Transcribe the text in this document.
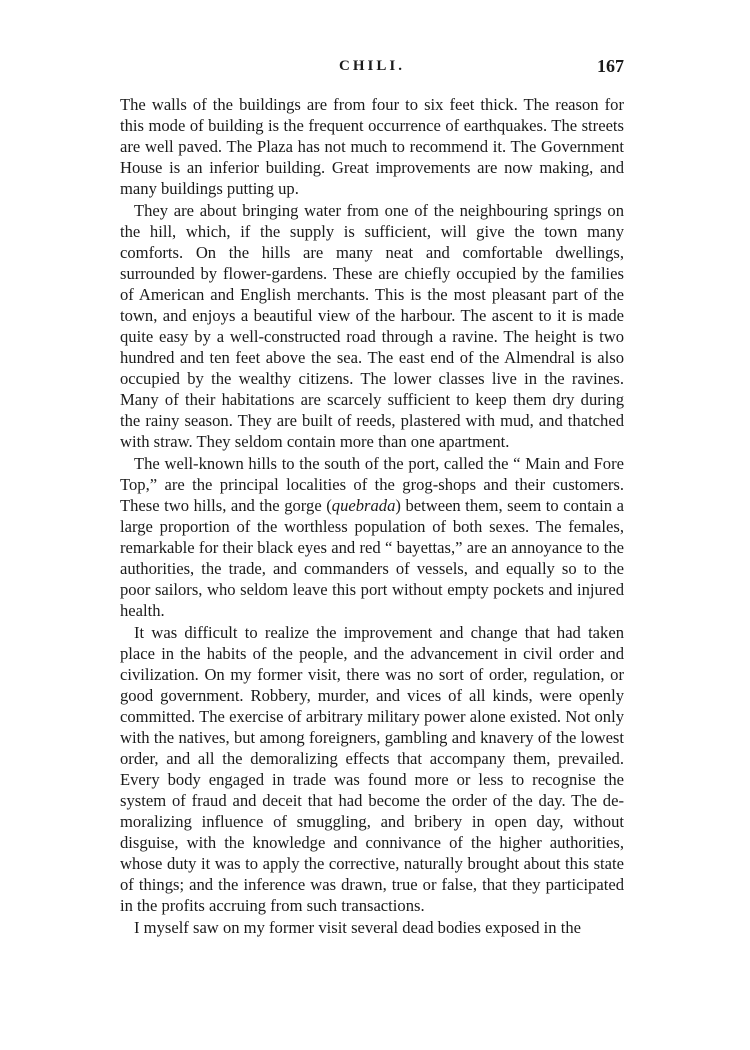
CHILI.	167

The walls of the buildings are from four to six feet thick. The reason for this mode of building is the frequent occurrence of earthquakes. The streets are well paved. The Plaza has not much to recommend it. The Government House is an inferior building. Great improvements are now making, and many buildings putting up.

They are about bringing water from one of the neighbouring springs on the hill, which, if the supply is sufficient, will give the town many comforts. On the hills are many neat and comfortable dwellings, surrounded by flower-gardens. These are chiefly occupied by the families of American and English merchants. This is the most pleasant part of the town, and enjoys a beautiful view of the harbour. The ascent to it is made quite easy by a well-constructed road through a ravine. The height is two hundred and ten feet above the sea. The east end of the Almendral is also occupied by the wealthy citizens. The lower classes live in the ravines. Many of their habitations are scarcely sufficient to keep them dry during the rainy season. They are built of reeds, plastered with mud, and thatched with straw. They seldom contain more than one apartment.

The well-known hills to the south of the port, called the “ Main and Fore Top,” are the principal localities of the grog-shops and their customers. These two hills, and the gorge (quebrada) between them, seem to contain a large proportion of the worthless population of both sexes. The females, remarkable for their black eyes and red “ bayettas,” are an annoyance to the authorities, the trade, and commanders of vessels, and equally so to the poor sailors, who seldom leave this port without empty pockets and injured health.

It was difficult to realize the improvement and change that had taken place in the habits of the people, and the advancement in civil order and civilization. On my former visit, there was no sort of order, regulation, or good government. Robbery, murder, and vices of all kinds, were openly committed. The exercise of arbitrary military power alone existed. Not only with the natives, but among foreigners, gambling and knavery of the lowest order, and all the demoralizing effects that accompany them, prevailed. Every body engaged in trade was found more or less to recognise the system of fraud and deceit that had become the order of the day. The demoralizing influence of smuggling, and bribery in open day, without disguise, with the knowledge and connivance of the higher authorities, whose duty it was to apply the corrective, naturally brought about this state of things; and the inference was drawn, true or false, that they participated in the profits accruing from such transactions.

I myself saw on my former visit several dead bodies exposed in the
